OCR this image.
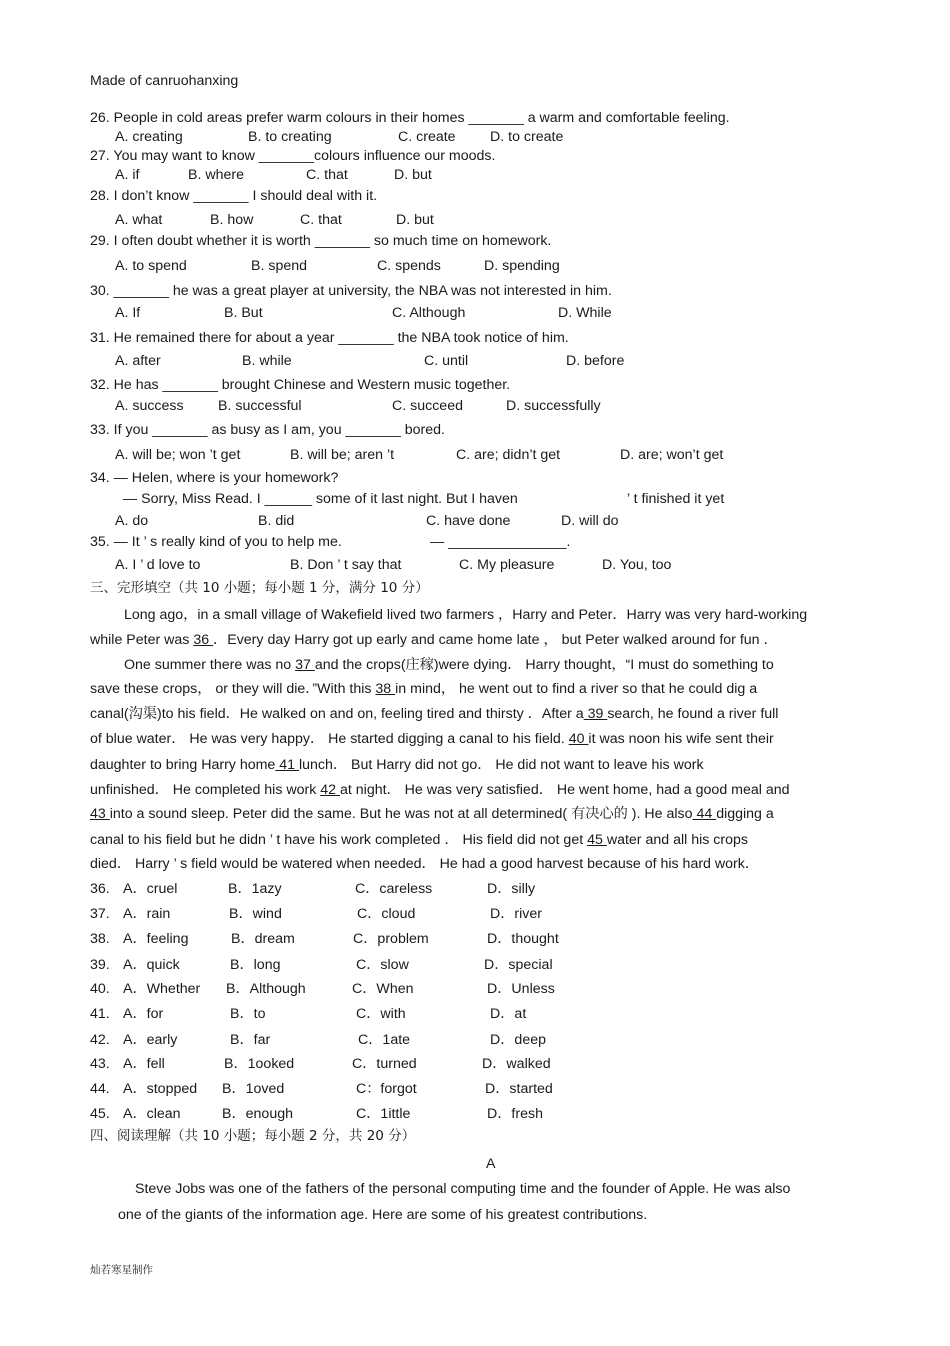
Made of canruohanxing
26. People in cold areas prefer warm colours in their homes _______ a warm and comfortable feeling.
A. creating	B. to creating	C. create D. to create
27. You may want to know _______colours influence our moods.
A. if	B. where	C. that	D. but
28. I don’t know _______ I should deal with it.
A. what	B. how	C. that	D. but
29. I often doubt whether it is worth _______ so much time on homework.
A. to spend	B. spend	C. spends	D. spending
30. _______ he was a great player at university, the NBA was not interested in him.
A. If	B. But	C. Although	D. While
31. He remained there for about a year _______ the NBA took notice of him.
A. after	B. while	C. until	D. before
32. He has _______ brought Chinese and Western music together.
A. success B. successful	C. succeed	D. successfully
33. If you _______ as busy as I am, you _______ bored.
A. will be; won ’t get	B. will be; aren ’t	C. are; didn’t get	D. are; won’t get
34. — Helen, where is your homework?
— Sorry, Miss Read. I ______ some of it last night. But I haven	’ t finished it yet
A. do	B. did	C. have done	D. will do
35. — It ’ s really kind of you to help me.	— _______________.
A. I ’ d love to	B. Don ’ t say that	C. My pleasure	D. You, too
三、完形填空（共 10 小题；每小题 1 分，满分 10 分）
Long ago，in a small village of Wakefield lived two farmers ，Harry and Peter．Harry was very hard-working
while Peter was 36 ．Every day Harry got up early and came home late ， but Peter walked around for fun ．
One summer there was no 37 and the crops(庄稼)were dying． Harry thought，“I must do something to
save these crops， or they will die．”With this 38 in mind， he went out to find a river so that he could dig a
canal(沟渠)to his field．He walked on and on, feeling tired and thirsty ．After a 39 search, he found a river full
of blue water． He was very happy． He started digging a canal to his field. 40 it was noon his wife sent their
daughter to bring Harry home 41 lunch． But Harry did not go． He did not want to leave his work
unfinished． He completed his work 42 at night． He was very satisfied． He went home, had a good meal and
43 into a sound sleep. Peter did the same. But he was not at all determined( 有决心的 ). He also 44 digging a
canal to his field but he didn ’ t have his work completed ． His field did not get 45 water and all his crops
died． Harry ’ s field would be watered when needed． He had a good harvest because of his hard work．
36. A．cruel	B．1azy	C．careless	D．silly
37. A．rain	B．wind	C．cloud	D．river
38. A．feeling	B．dream	C．problem	D．thought
39. A．quick	B．long	C．slow	D．special
40. A．Whether B．Although	C．When	D．Unless
41. A．for	B．to	C．with	D．at
42. A．early	B．far	C．1ate	D．deep
43. A．fell	B．1ooked	C．turned	D．walked
44. A．stopped B．1oved	C：forgot	D．started
45. A．clean	B．enough	C．1ittle	D．fresh
四、阅读理解（共 10 小题；每小题 2 分，共 20 分）
A
Steve Jobs was one of the fathers of the personal computing time and the founder of Apple. He was also
one of the giants of the information age. Here are some of his greatest contributions.
灿若寒星制作
